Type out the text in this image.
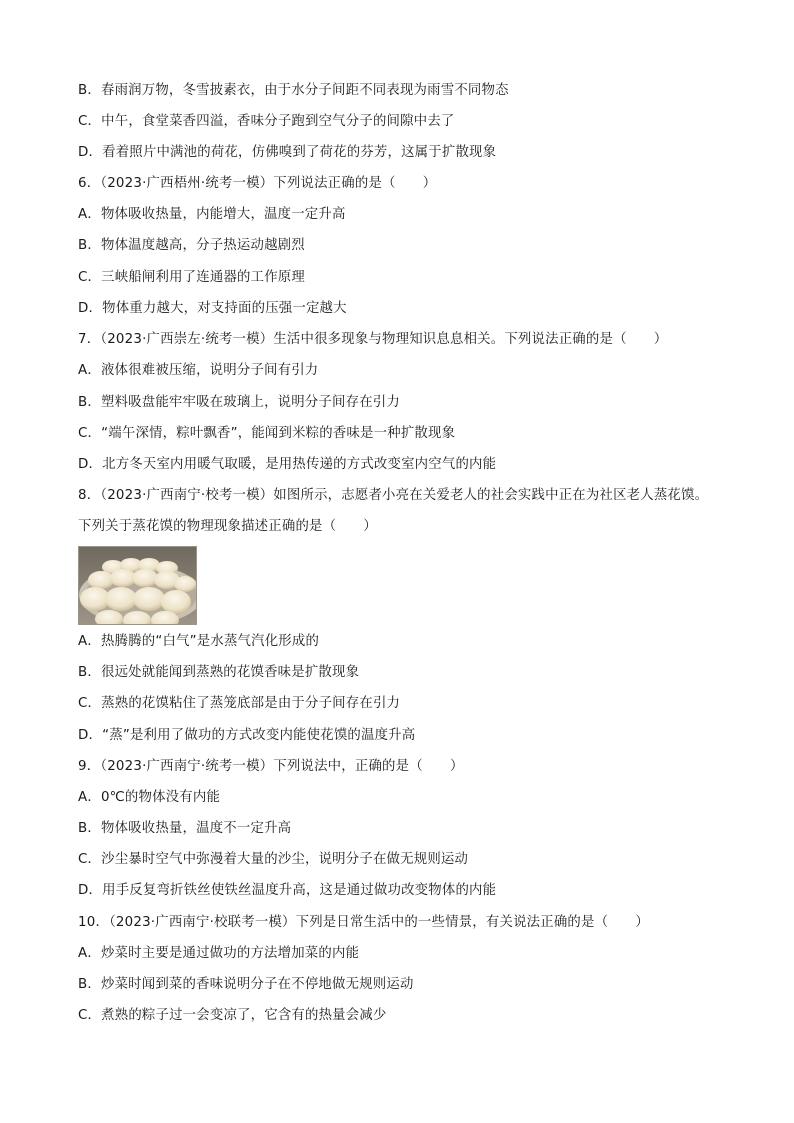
B．春雨润万物，冬雪披素衣，由于水分子间距不同表现为雨雪不同物态
C．中午，食堂菜香四溢，香味分子跑到空气分子的间隙中去了
D．看着照片中满池的荷花，仿佛嗅到了荷花的芬芳，这属于扩散现象
6．（2023·广西梧州·统考一模）下列说法正确的是（　　）
A．物体吸收热量，内能增大，温度一定升高
B．物体温度越高，分子热运动越剧烈
C．三峡船闸利用了连通器的工作原理
D．物体重力越大，对支持面的压强一定越大
7．（2023·广西崇左·统考一模）生活中很多现象与物理知识息息相关。下列说法正确的是（　　）
A．液体很难被压缩，说明分子间有引力
B．塑料吸盘能牢牢吸在玻璃上，说明分子间存在引力
C．“端午深情，粽叶飘香”，能闻到米粽的香味是一种扩散现象
D．北方冬天室内用暖气取暖，是用热传递的方式改变室内空气的内能
8．（2023·广西南宁·校考一模）如图所示，志愿者小亮在关爱老人的社会实践中正在为社区老人蒸花馍。
下列关于蒸花馍的物理现象描述正确的是（　　）
A．热腾腾的“白气”是水蒸气汽化形成的
B．很远处就能闻到蒸熟的花馍香味是扩散现象
C．蒸熟的花馍粘住了蒸笼底部是由于分子间存在引力
D．“蒸”是利用了做功的方式改变内能使花馍的温度升高
9．（2023·广西南宁·统考一模）下列说法中，正确的是（　　）
A．0℃的物体没有内能
B．物体吸收热量，温度不一定升高
C．沙尘暴时空气中弥漫着大量的沙尘，说明分子在做无规则运动
D．用手反复弯折铁丝使铁丝温度升高，这是通过做功改变物体的内能
10．（2023·广西南宁·校联考一模）下列是日常生活中的一些情景，有关说法正确的是（　　）
A．炒菜时主要是通过做功的方法增加菜的内能
B．炒菜时闻到菜的香味说明分子在不停地做无规则运动
C．煮熟的粽子过一会变凉了，它含有的热量会减少
